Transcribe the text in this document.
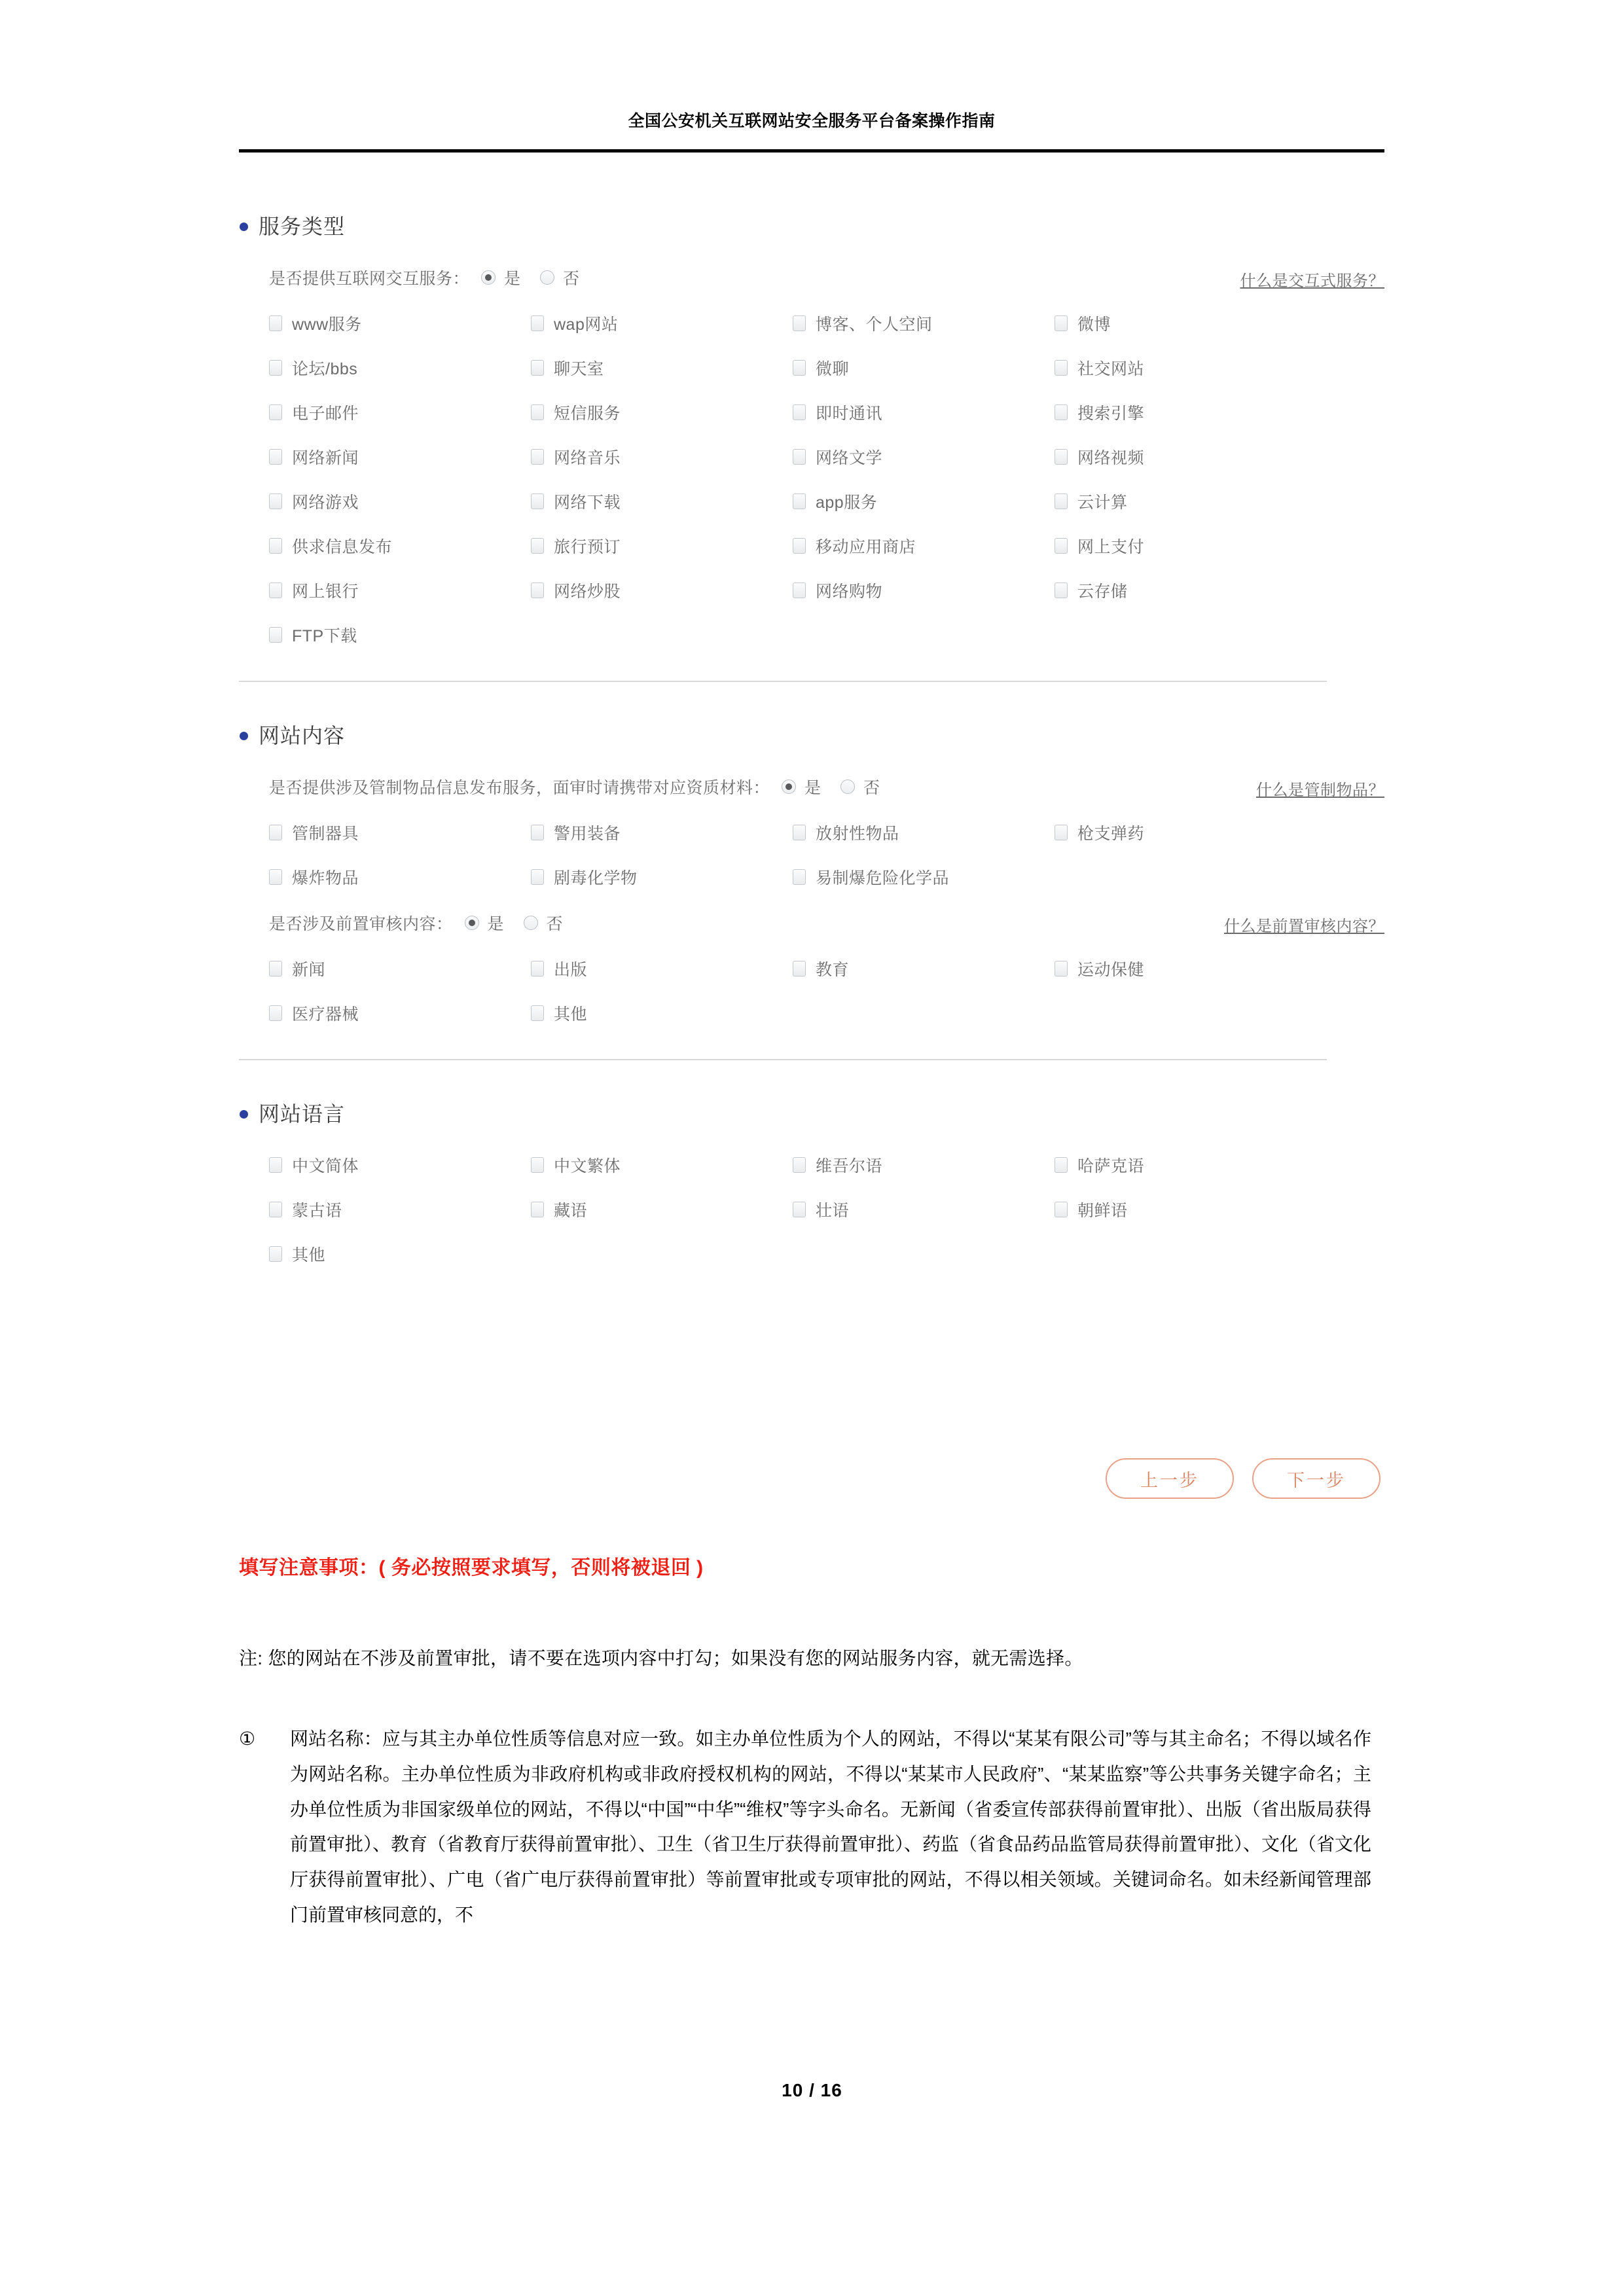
全国公安机关互联网站安全服务平台备案操作指南
服务类型
是否提供互联网交互服务： 是	否	什么是交互式服务？
www服务	wap网站	博客、个人空间	微博
论坛/bbs	聊天室	微聊	社交网站
电子邮件	短信服务	即时通讯	搜索引擎
网络新闻	网络音乐	网络文学	网络视频
网络游戏	网络下载	app服务	云计算
供求信息发布	旅行预订	移动应用商店	网上支付
网上银行	网络炒股	网络购物	云存储
FTP下载
网站内容
是否提供涉及管制物品信息发布服务，面审时请携带对应资质材料： 是	否	什么是管制物品？
管制器具	警用装备	放射性物品	枪支弹药
爆炸物品	剧毒化学物	易制爆危险化学品
是否涉及前置审核内容： 是	否	什么是前置审核内容？
新闻	出版	教育	运动保健
医疗器械	其他
网站语言
中文简体	中文繁体	维吾尔语	哈萨克语
蒙古语	藏语	壮语	朝鲜语
其他
上一步	下一步
填写注意事项：( 务必按照要求填写，否则将被退回 )
注: 您的网站在不涉及前置审批，请不要在选项内容中打勾；如果没有您的网站服务内容，就无需选择。
①	网站名称：应与其主办单位性质等信息对应一致。如主办单位性质为个人的网站，不得以“某某有限公司”等与其主命名；不得以域名作为网站名称。主办单位性质为非政府机构或非政府授权机构的网站，不得以“某某市人民政府”、“某某监察”等公共事务关键字命名；主办单位性质为非国家级单位的网站，不得以“中国”“中华”“维权”等字头命名。无新闻（省委宣传部获得前置审批）、出版（省出版局获得前置审批）、教育（省教育厅获得前置审批）、卫生（省卫生厅获得前置审批）、药监（省食品药品监管局获得前置审批）、文化（省文化厅获得前置审批）、广电（省广电厅获得前置审批）等前置审批或专项审批的网站，不得以相关领域。关键词命名。如未经新闻管理部门前置审核同意的，不
10 / 16
